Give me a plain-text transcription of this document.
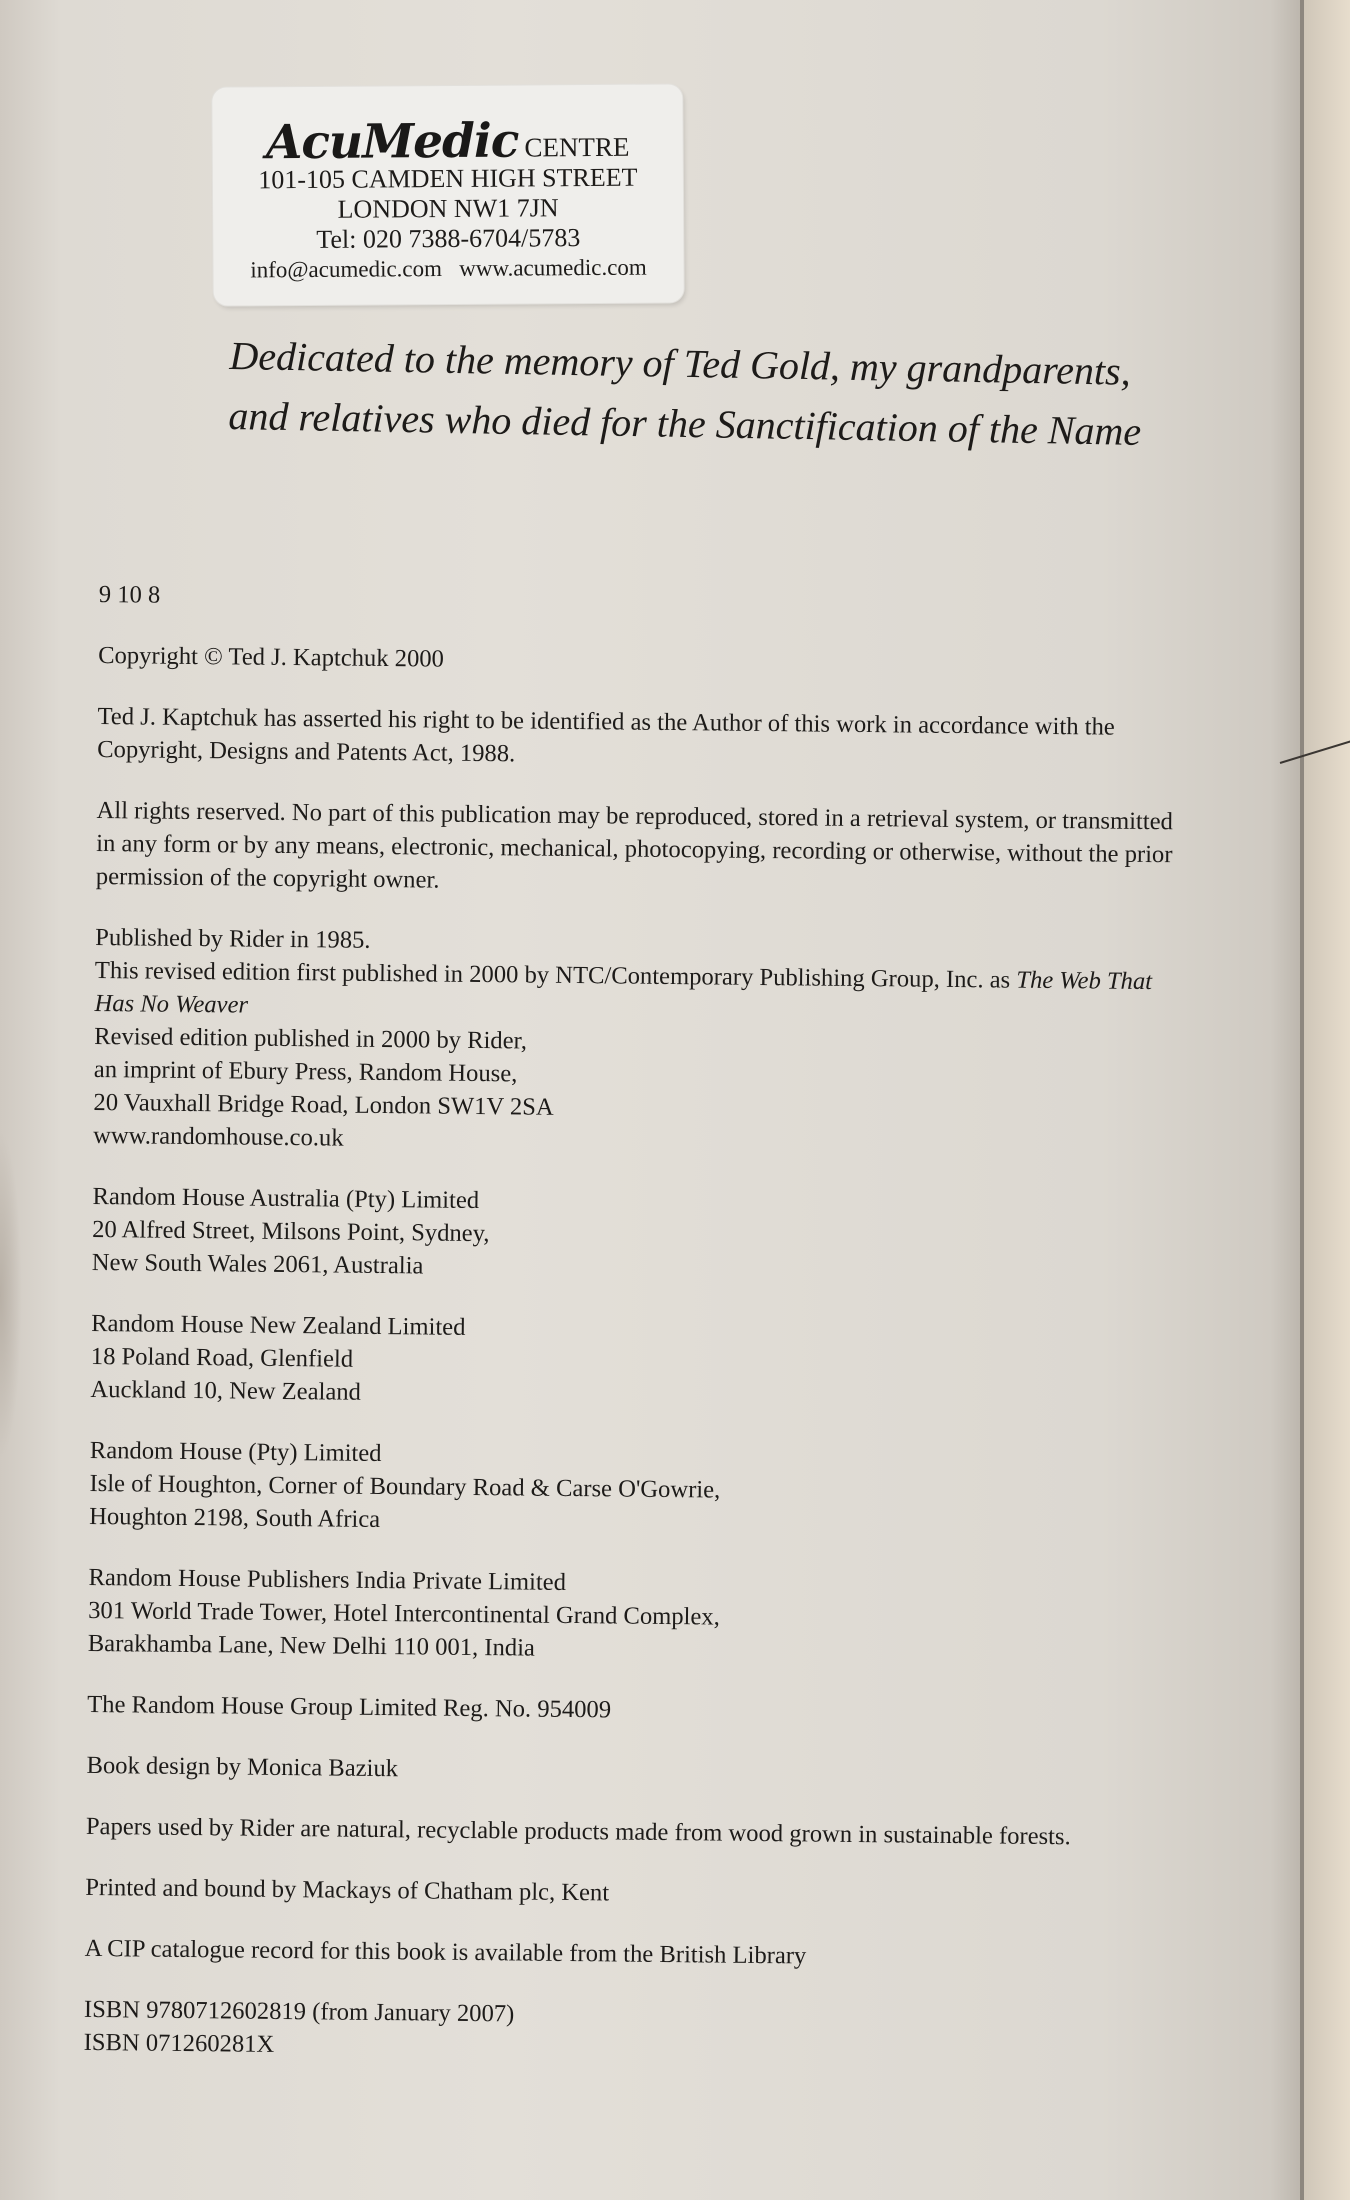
AcuMedic CENTRE
101-105 CAMDEN HIGH STREET
LONDON NW1 7JN
Tel: 020 7388-6704/5783
info@acumedic.com   www.acumedic.com
Dedicated to the memory of Ted Gold, my grandparents,
and relatives who died for the Sanctification of the Name

9 10 8

Copyright © Ted J. Kaptchuk 2000

Ted J. Kaptchuk has asserted his right to be identified as the Author of this work in accordance with the
Copyright, Designs and Patents Act, 1988.

All rights reserved. No part of this publication may be reproduced, stored in a retrieval system, or transmitted
in any form or by any means, electronic, mechanical, photocopying, recording or otherwise, without the prior
permission of the copyright owner.

Published by Rider in 1985.
This revised edition first published in 2000 by NTC/Contemporary Publishing Group, Inc. as The Web That
Has No Weaver
Revised edition published in 2000 by Rider,
an imprint of Ebury Press, Random House,
20 Vauxhall Bridge Road, London SW1V 2SA
www.randomhouse.co.uk

Random House Australia (Pty) Limited
20 Alfred Street, Milsons Point, Sydney,
New South Wales 2061, Australia

Random House New Zealand Limited
18 Poland Road, Glenfield
Auckland 10, New Zealand

Random House (Pty) Limited
Isle of Houghton, Corner of Boundary Road & Carse O'Gowrie,
Houghton 2198, South Africa

Random House Publishers India Private Limited
301 World Trade Tower, Hotel Intercontinental Grand Complex,
Barakhamba Lane, New Delhi 110 001, India

The Random House Group Limited Reg. No. 954009

Book design by Monica Baziuk

Papers used by Rider are natural, recyclable products made from wood grown in sustainable forests.

Printed and bound by Mackays of Chatham plc, Kent

A CIP catalogue record for this book is available from the British Library

ISBN 9780712602819 (from January 2007)
ISBN 071260281X
